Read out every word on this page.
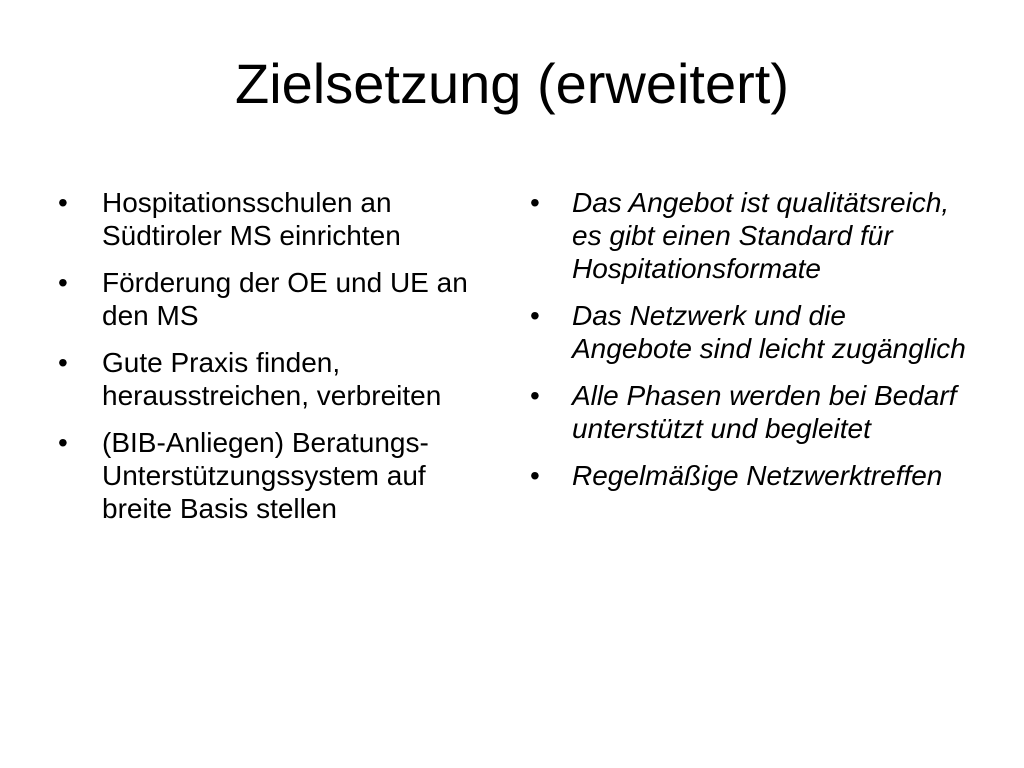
Zielsetzung (erweitert)
• Hospitationsschulen an Südtiroler MS einrichten
• Förderung der OE und UE an den MS
• Gute Praxis finden, herausstreichen, verbreiten
• (BIB-Anliegen) Beratungs- Unterstützungssystem auf breite Basis stellen
• Das Angebot ist qualitätsreich, es gibt einen Standard für Hospitationsformate
• Das Netzwerk und die Angebote sind leicht zugänglich
• Alle Phasen werden bei Bedarf unterstützt und begleitet
• Regelmäßige Netzwerktreffen
